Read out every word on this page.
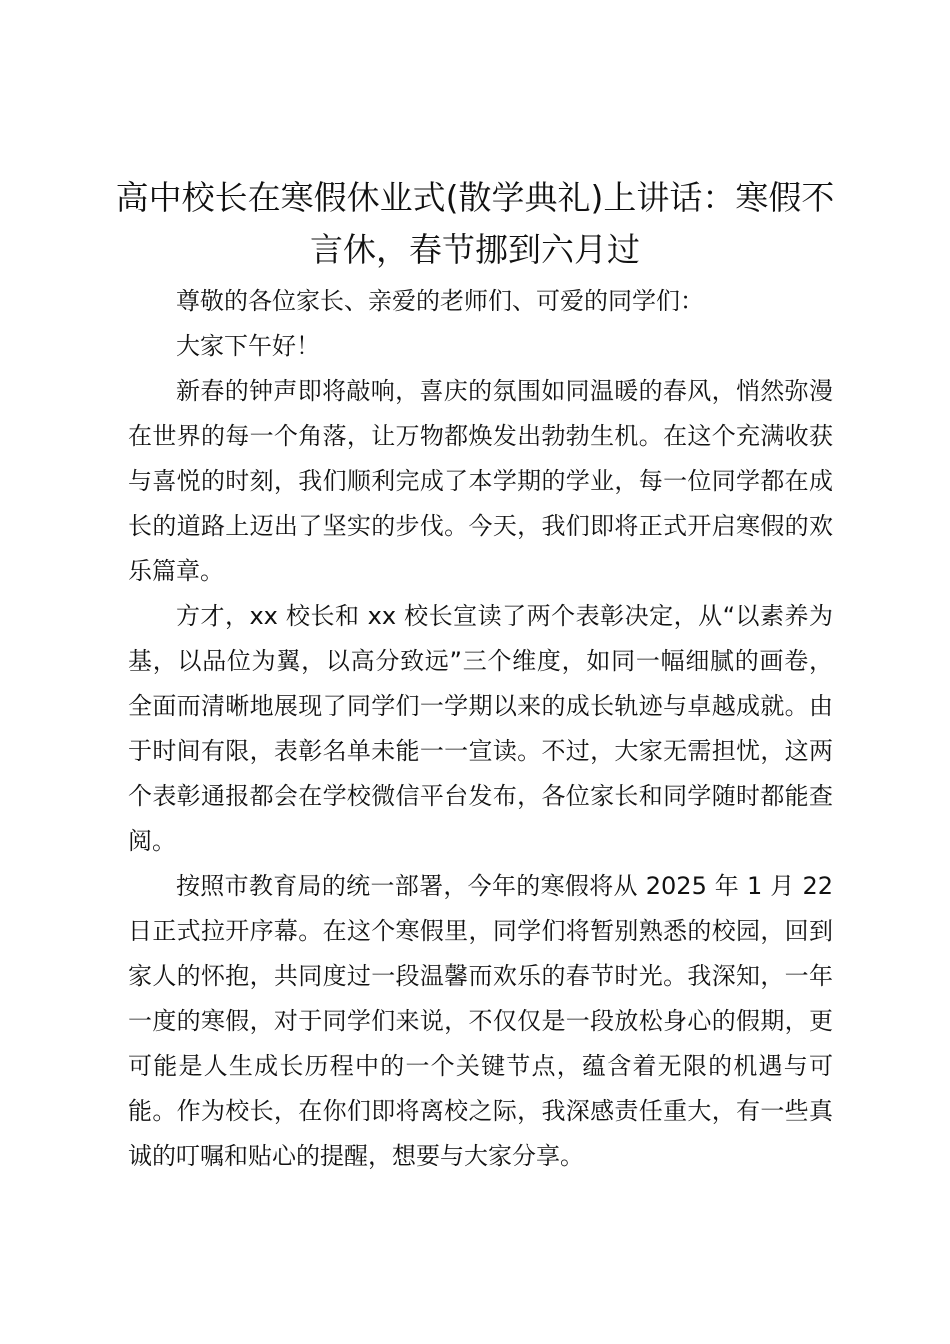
高中校长在寒假休业式(散学典礼)上讲话：寒假不言休，春节挪到六月过

尊敬的各位家长、亲爱的老师们、可爱的同学们：

大家下午好！

新春的钟声即将敲响，喜庆的氛围如同温暖的春风，悄然弥漫在世界的每一个角落，让万物都焕发出勃勃生机。在这个充满收获与喜悦的时刻，我们顺利完成了本学期的学业，每一位同学都在成长的道路上迈出了坚实的步伐。今天，我们即将正式开启寒假的欢乐篇章。

方才，xx 校长和 xx 校长宣读了两个表彰决定，从“以素养为基，以品位为翼，以高分致远”三个维度，如同一幅细腻的画卷，全面而清晰地展现了同学们一学期以来的成长轨迹与卓越成就。由于时间有限，表彰名单未能一一宣读。不过，大家无需担忧，这两个表彰通报都会在学校微信平台发布，各位家长和同学随时都能查阅。

按照市教育局的统一部署，今年的寒假将从 2025 年 1 月 22 日正式拉开序幕。在这个寒假里，同学们将暂别熟悉的校园，回到家人的怀抱，共同度过一段温馨而欢乐的春节时光。我深知，一年一度的寒假，对于同学们来说，不仅仅是一段放松身心的假期，更可能是人生成长历程中的一个关键节点，蕴含着无限的机遇与可能。作为校长，在你们即将离校之际，我深感责任重大，有一些真诚的叮嘱和贴心的提醒，想要与大家分享。
